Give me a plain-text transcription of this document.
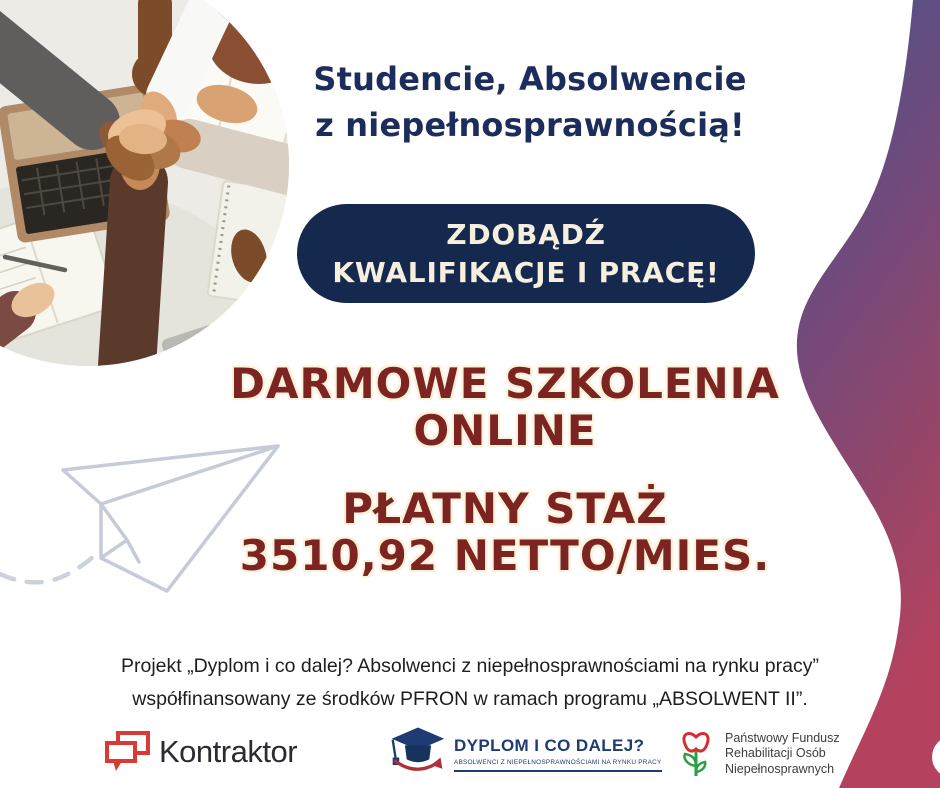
Studencie, Absolwencie
z niepełnosprawnością!
ZDOBĄDŹ
KWALIFIKACJE I PRACĘ!
DARMOWE SZKOLENIA
ONLINE
PŁATNY STAŻ
3510,92 NETTO/MIES.
Projekt „Dyplom i co dalej? Absolwenci z niepełnosprawnościami na rynku pracy”
współfinansowany ze środków PFRON w ramach programu „ABSOLWENT II”.
Kontraktor	DYPLOM I CO DALEJ?
ABSOLWENCI Z NIEPEŁNOSPRAWNOŚCIAMI NA RYNKU PRACY
Państwowy Fundusz
Rehabilitacji Osób
Niepełnosprawnych
